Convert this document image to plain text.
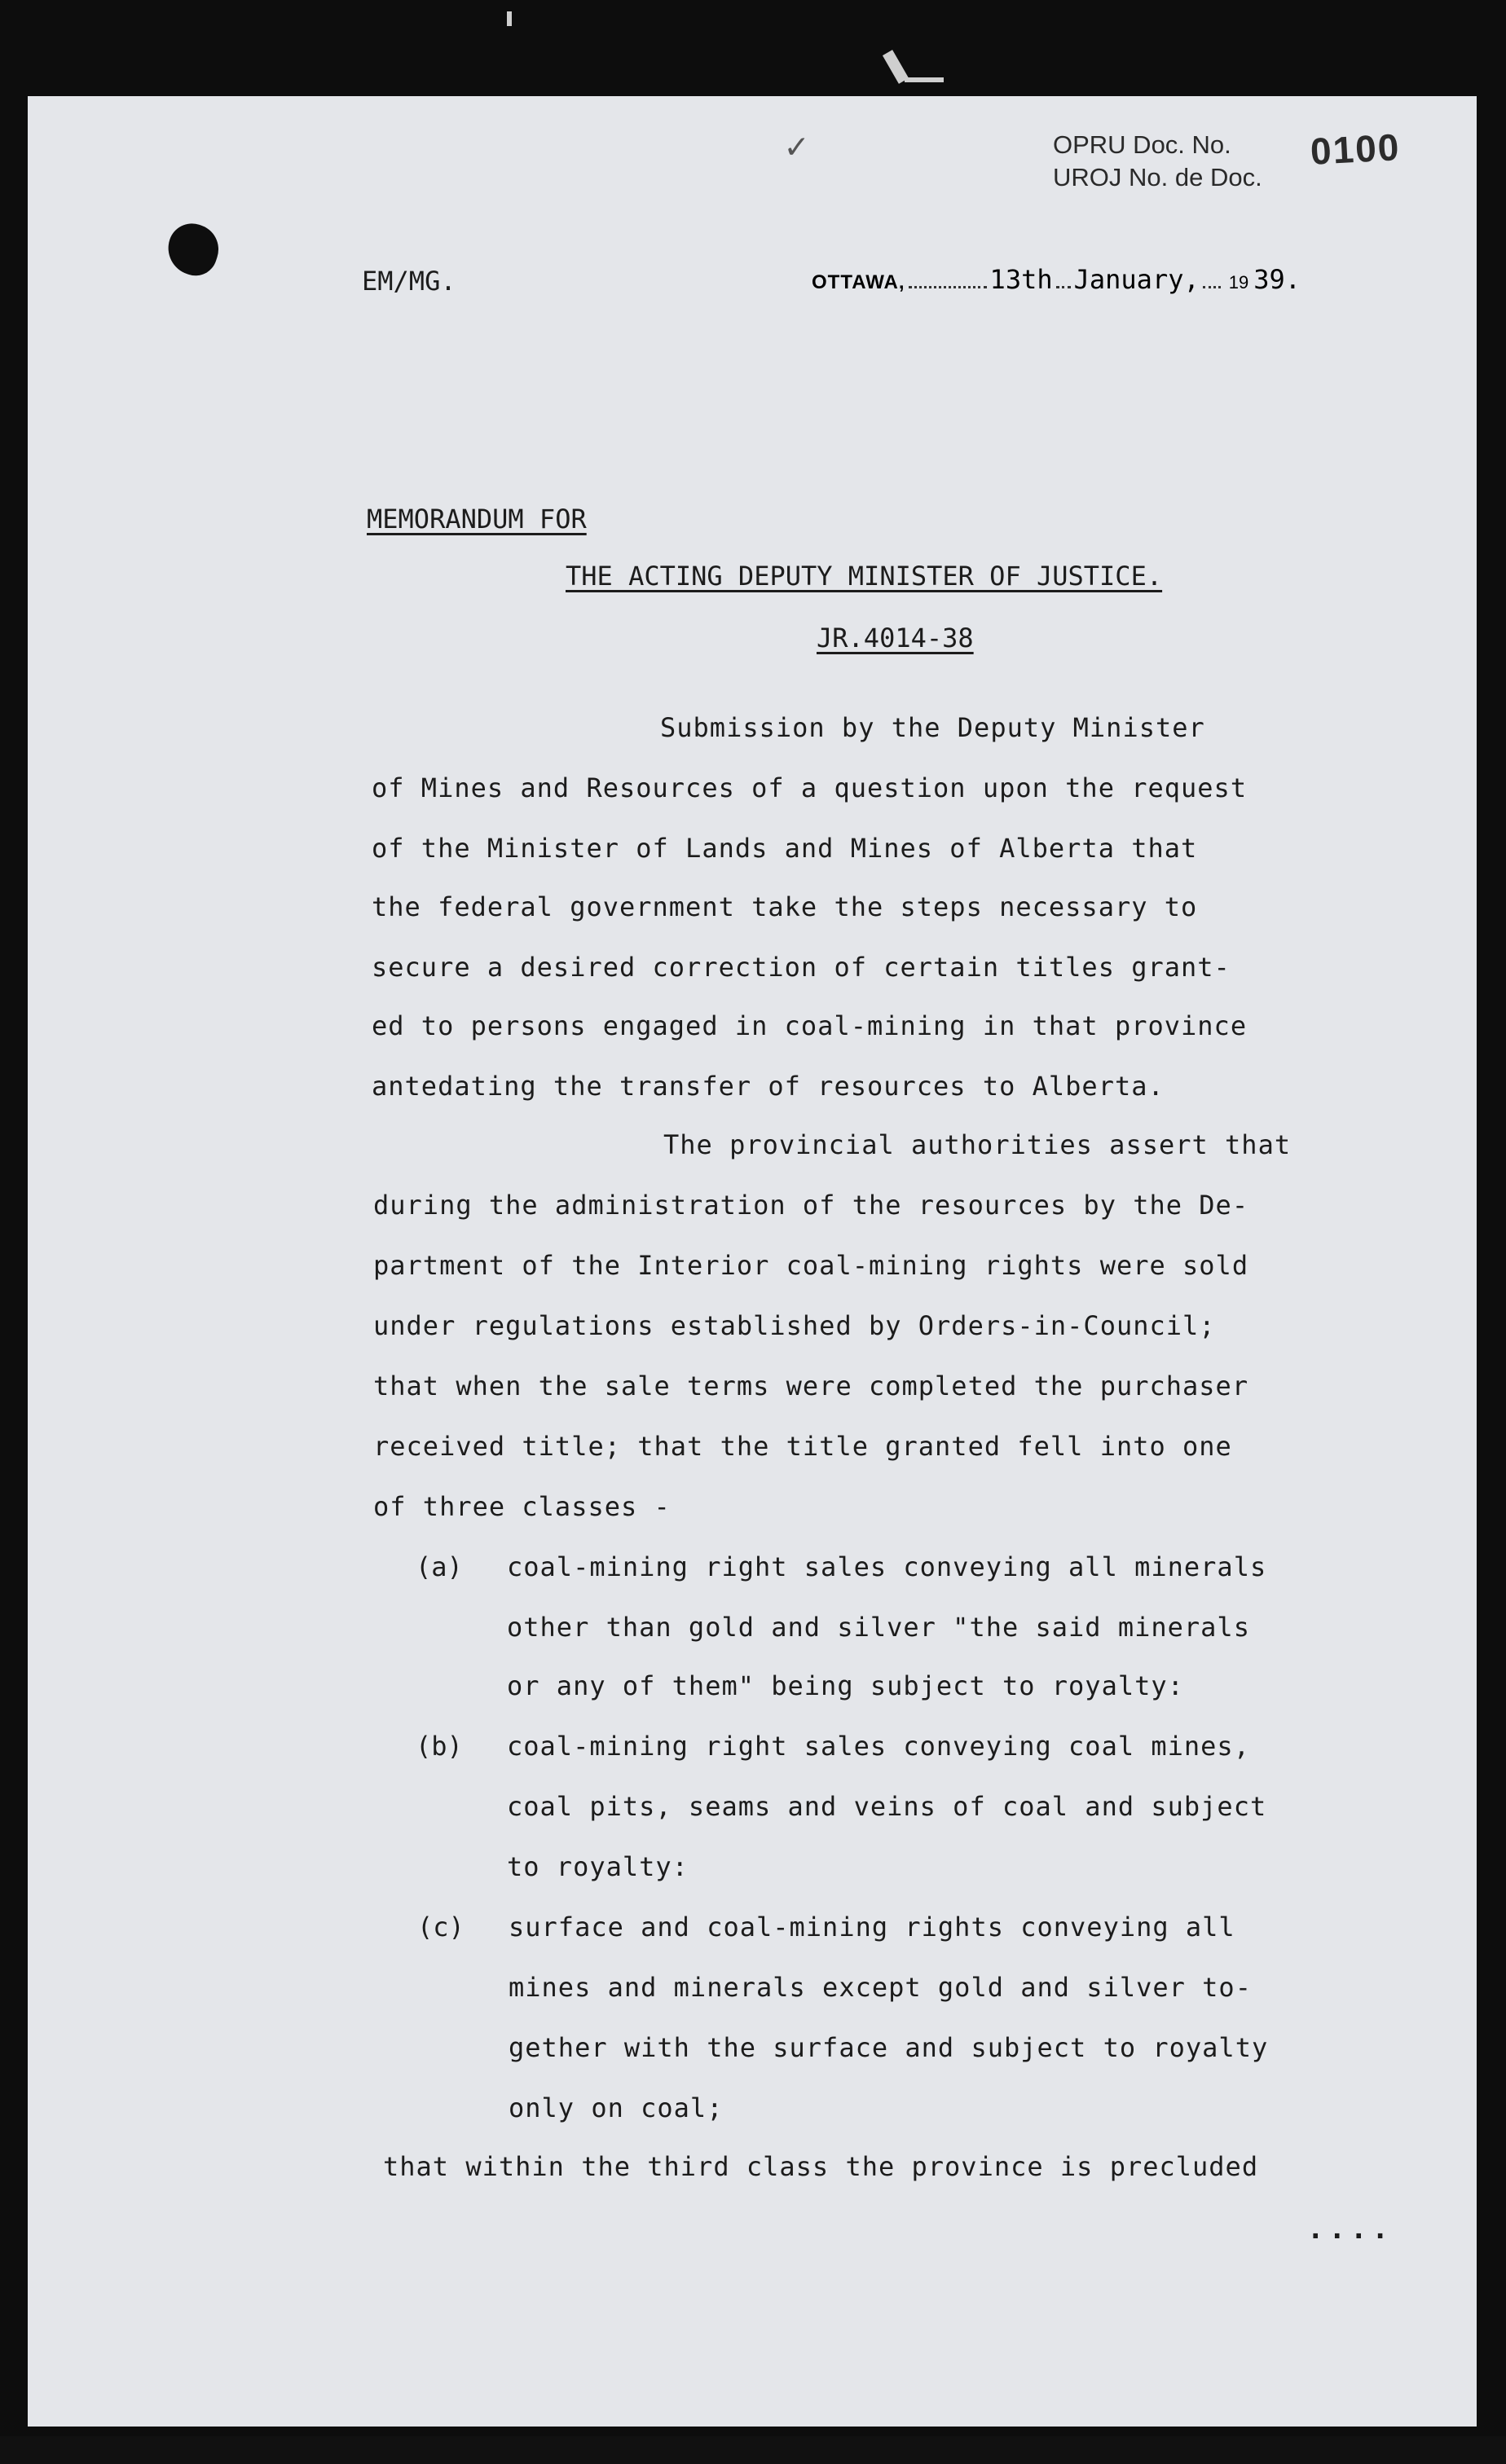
✓	OPRU Doc. No.
UROJ No. de Doc.
0100
EM/MG.	OTTAWA,	13th January, 19 39.
MEMORANDUM FOR
THE ACTING DEPUTY MINISTER OF JUSTICE.
JR.4014-38
Submission by the Deputy Minister
of Mines and Resources of a question upon the request
of the Minister of Lands and Mines of Alberta that
the federal government take the steps necessary to
secure a desired correction of certain titles grant-
ed to persons engaged in coal-mining in that province
antedating the transfer of resources to Alberta.
The provincial authorities assert that
during the administration of the resources by the De-
partment of the Interior coal-mining rights were sold
under regulations established by Orders-in-Council;
that when the sale terms were completed the purchaser
received title; that the title granted fell into one
of three classes -
(a) coal-mining right sales conveying all minerals
other than gold and silver "the said minerals
or any of them" being subject to royalty:
(b) coal-mining right sales conveying coal mines,
coal pits, seams and veins of coal and subject
to royalty:
(c) surface and coal-mining rights conveying all
mines and minerals except gold and silver to-
gether with the surface and subject to royalty
only on coal;
that within the third class the province is precluded
....
